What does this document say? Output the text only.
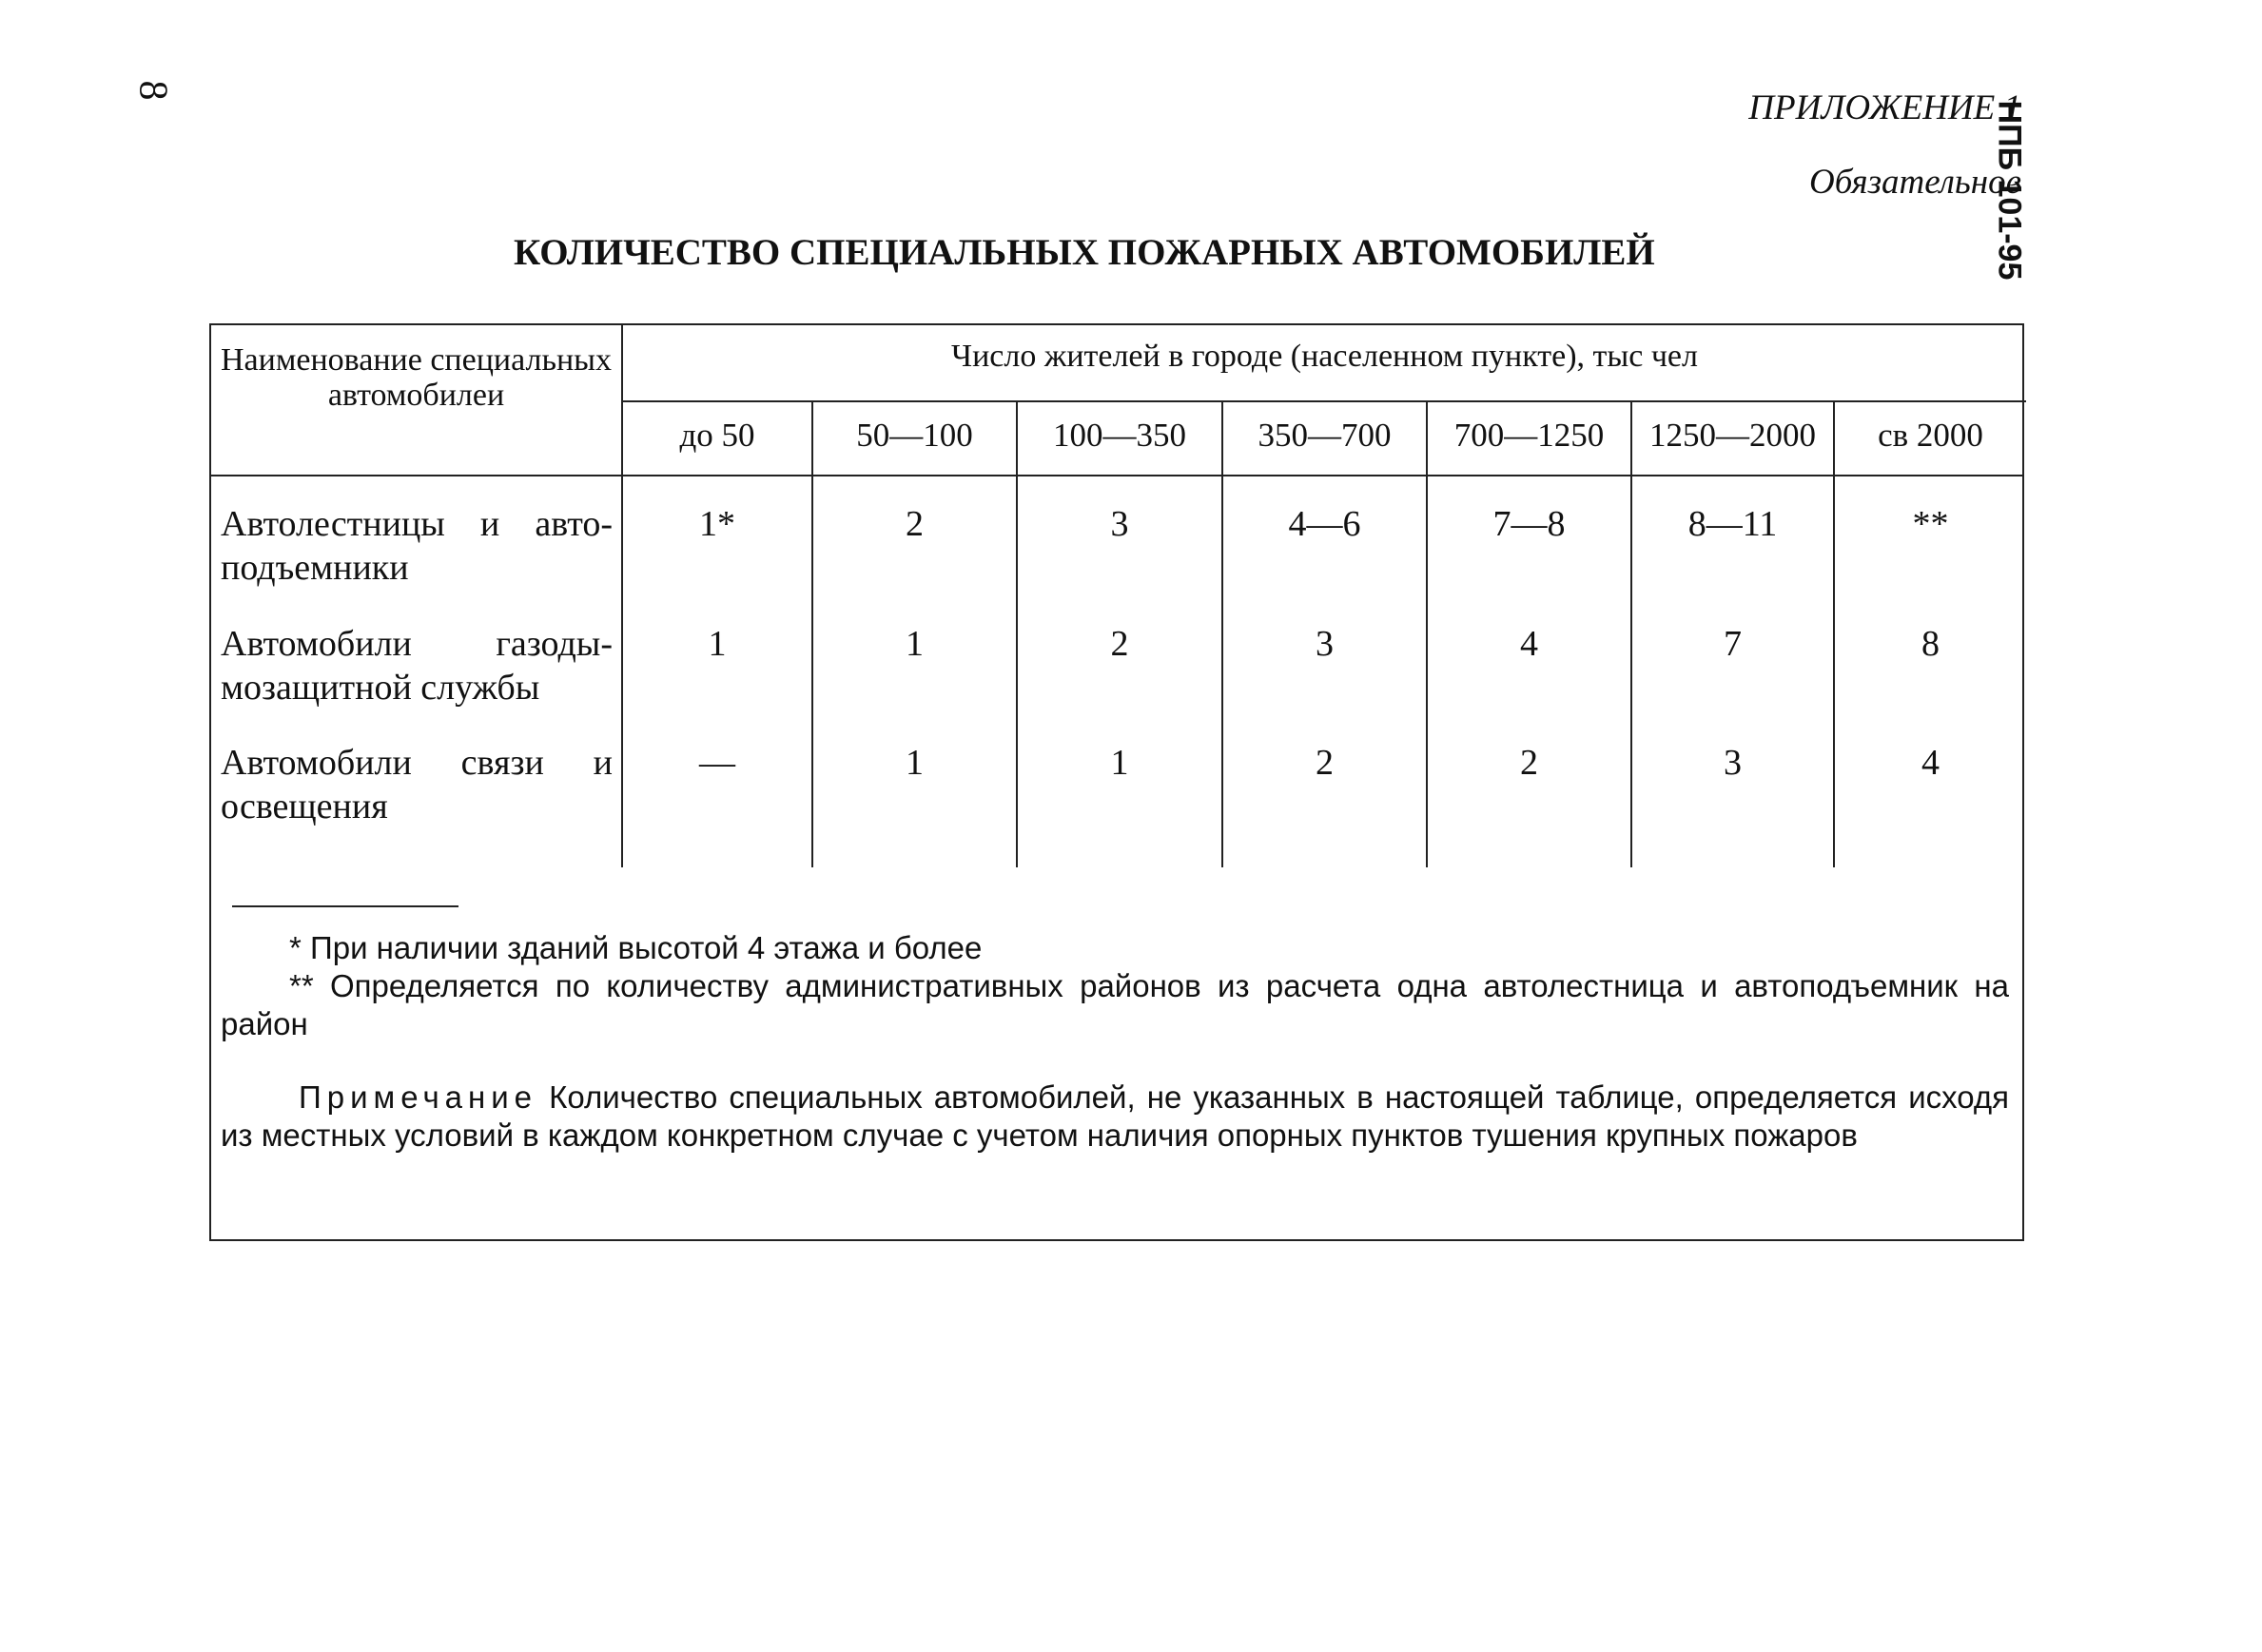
8
НПБ 101-95
ПРИЛОЖЕНИЕ 1
Обязательное
КОЛИЧЕСТВО СПЕЦИАЛЬНЫХ ПОЖАРНЫХ АВТОМОБИЛЕЙ
Наименование специальных автомобилеи
Число жителей в городе (населенном пункте), тыс чел
до 50	50—100	100—350	350—700	700—1250	1250—2000	св 2000
Автолестницы и автоподъемники
1*	2	3	4—6	7—8	8—11	**
Автомобили газодымозащитной службы
1	1	2	3	4	7	8
Автомобили связи и освещения
—	1	1	2	2	3	4
* При наличии зданий высотой 4 этажа и более
** Определяется по количеству административных районов из расчета одна автолестница и автоподъемник на район
Примечание Количество специальных автомобилей, не указанных в настоящей таблице, определяется исходя из местных условий в каждом конкретном случае с учетом наличия опорных пунктов тушения крупных пожаров
